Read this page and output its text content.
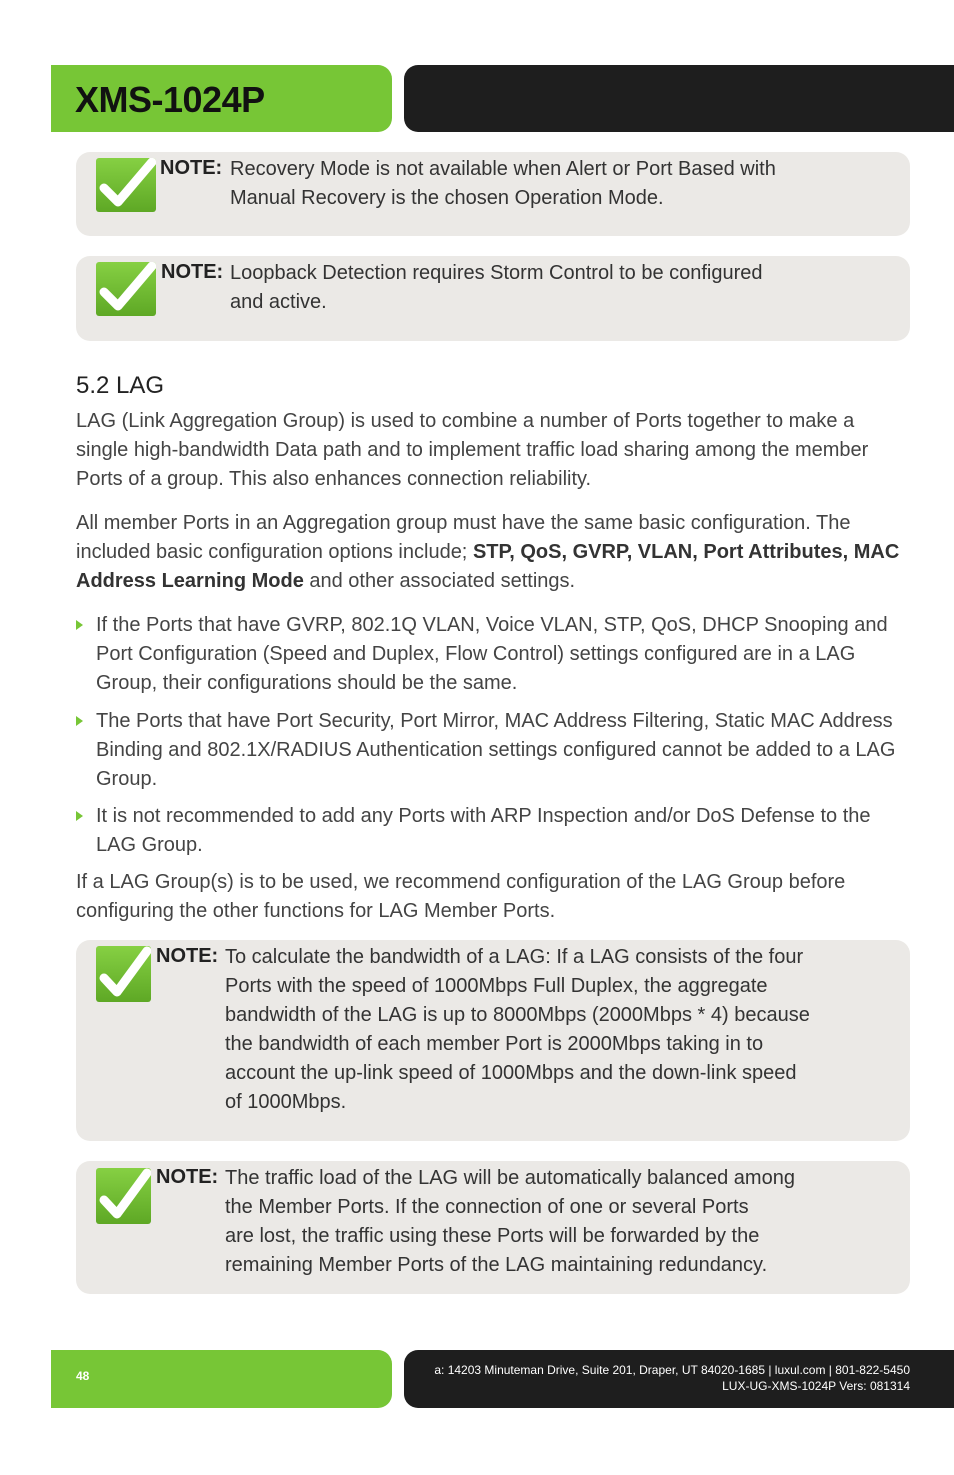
XMS-1024P
NOTE: Recovery Mode is not available when Alert or Port Based with
Manual Recovery is the chosen Operation Mode.
NOTE: Loopback Detection requires Storm Control to be configured
and active.
5.2 LAG
LAG (Link Aggregation Group) is used to combine a number of Ports together to make a single high-bandwidth Data path and to implement traffic load sharing among the member Ports of a group. This also enhances connection reliability.
All member Ports in an Aggregation group must have the same basic configuration. The included basic configuration options include; STP, QoS, GVRP, VLAN, Port Attributes, MAC Address Learning Mode and other associated settings.
If the Ports that have GVRP, 802.1Q VLAN, Voice VLAN, STP, QoS, DHCP Snooping and Port Configuration (Speed and Duplex, Flow Control) settings configured are in a LAG Group, their configurations should be the same.
The Ports that have Port Security, Port Mirror, MAC Address Filtering, Static MAC Address Binding and 802.1X/RADIUS Authentication settings configured cannot be added to a LAG Group.
It is not recommended to add any Ports with ARP Inspection and/or DoS Defense to the LAG Group.
If a LAG Group(s) is to be used, we recommend configuration of the LAG Group before configuring the other functions for LAG Member Ports.
NOTE: To calculate the bandwidth of a LAG: If a LAG consists of the four
Ports with the speed of 1000Mbps Full Duplex, the aggregate
bandwidth of the LAG is up to 8000Mbps (2000Mbps * 4) because
the bandwidth of each member Port is 2000Mbps taking in to
account the up-link speed of 1000Mbps and the down-link speed
of 1000Mbps.
NOTE: The traffic load of the LAG will be automatically balanced among
the Member Ports. If the connection of one or several Ports
are lost, the traffic using these Ports will be forwarded by the
remaining Member Ports of the LAG maintaining redundancy.
48	a: 14203 Minuteman Drive, Suite 201, Draper, UT 84020-1685 | luxul.com | 801-822-5450
LUX-UG-XMS-1024P Vers: 081314
